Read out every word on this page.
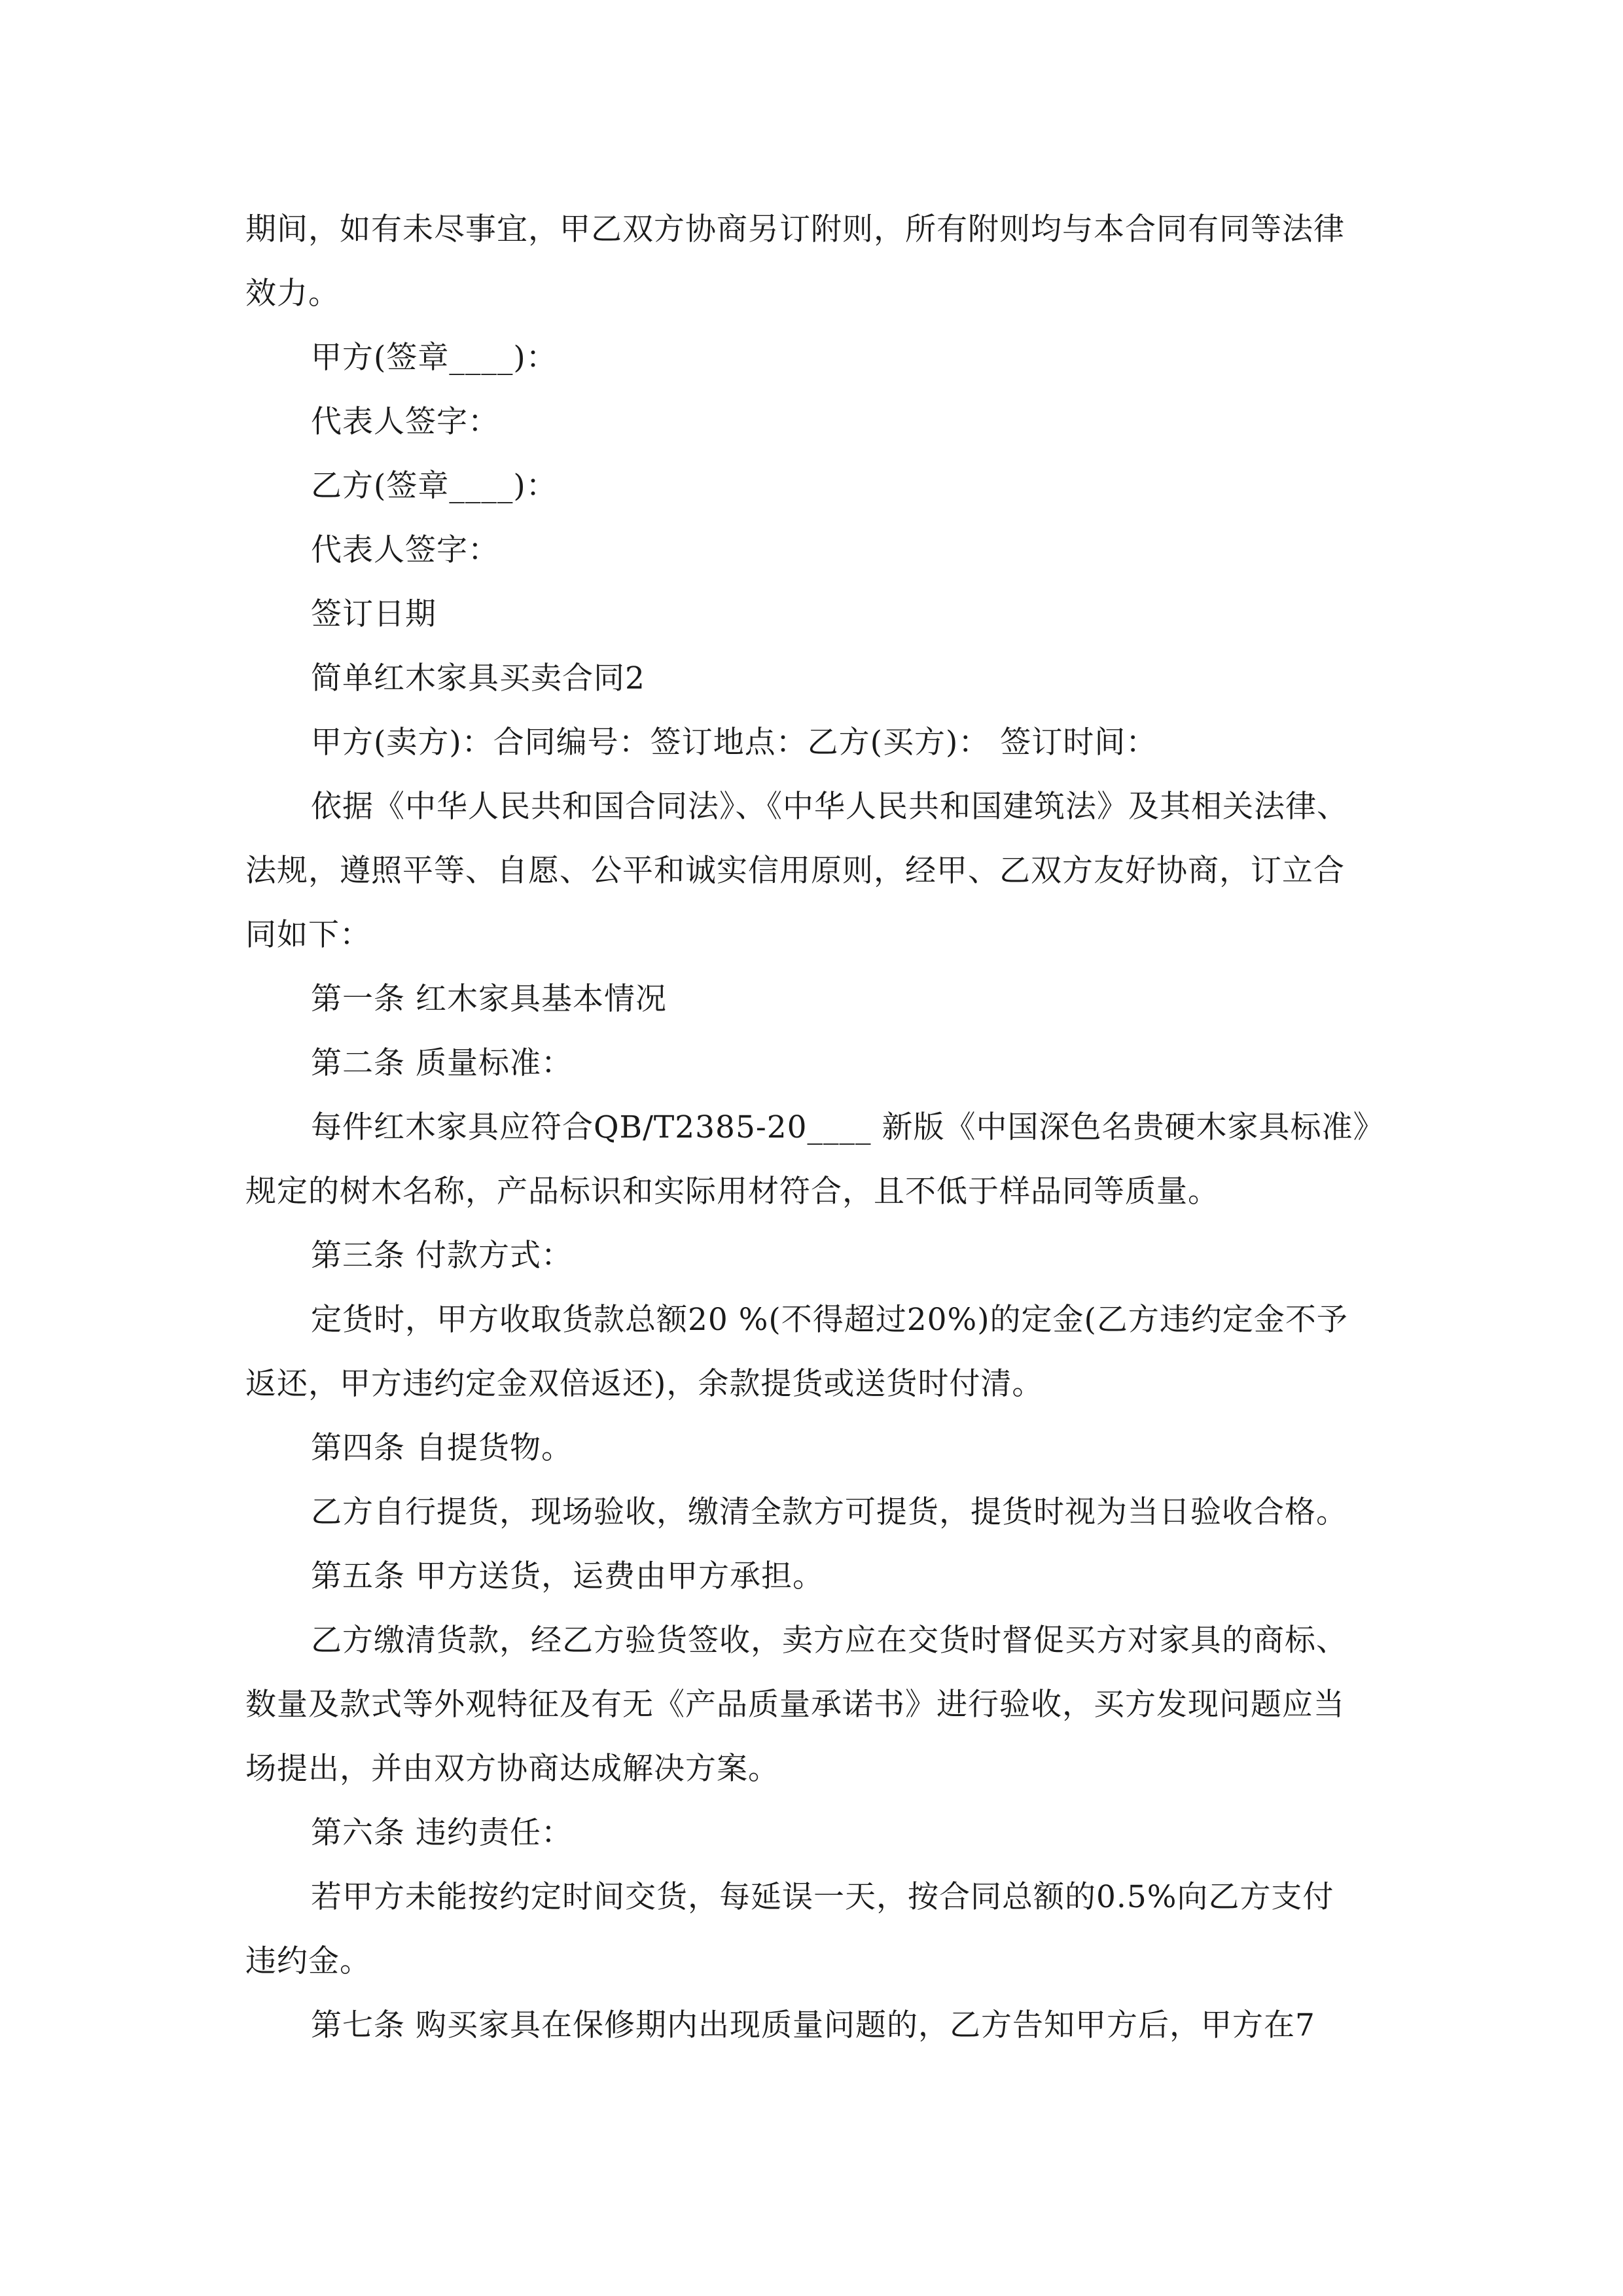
期间，如有未尽事宜，甲乙双方协商另订附则，所有附则均与本合同有同等法律
效力。
甲方(签章____)：
代表人签字：
乙方(签章____)：
代表人签字：
签订日期
简单红木家具买卖合同2
甲方(卖方)：合同编号：签订地点：乙方(买方)： 签订时间：
依据《中华人民共和国合同法》、《中华人民共和国建筑法》及其相关法律、
法规，遵照平等、自愿、公平和诚实信用原则，经甲、乙双方友好协商，订立合
同如下：
第一条 红木家具基本情况
第二条 质量标准：
每件红木家具应符合QB/T2385-20____ 新版《中国深色名贵硬木家具标准》
规定的树木名称，产品标识和实际用材符合，且不低于样品同等质量。
第三条 付款方式：
定货时，甲方收取货款总额20 %(不得超过20%)的定金(乙方违约定金不予
返还，甲方违约定金双倍返还)，余款提货或送货时付清。
第四条 自提货物。
乙方自行提货，现场验收，缴清全款方可提货，提货时视为当日验收合格。
第五条 甲方送货，运费由甲方承担。
乙方缴清货款，经乙方验货签收，卖方应在交货时督促买方对家具的商标、
数量及款式等外观特征及有无《产品质量承诺书》进行验收，买方发现问题应当
场提出，并由双方协商达成解决方案。
第六条 违约责任：
若甲方未能按约定时间交货，每延误一天，按合同总额的0.5%向乙方支付
违约金。
第七条 购买家具在保修期内出现质量问题的，乙方告知甲方后，甲方在7
